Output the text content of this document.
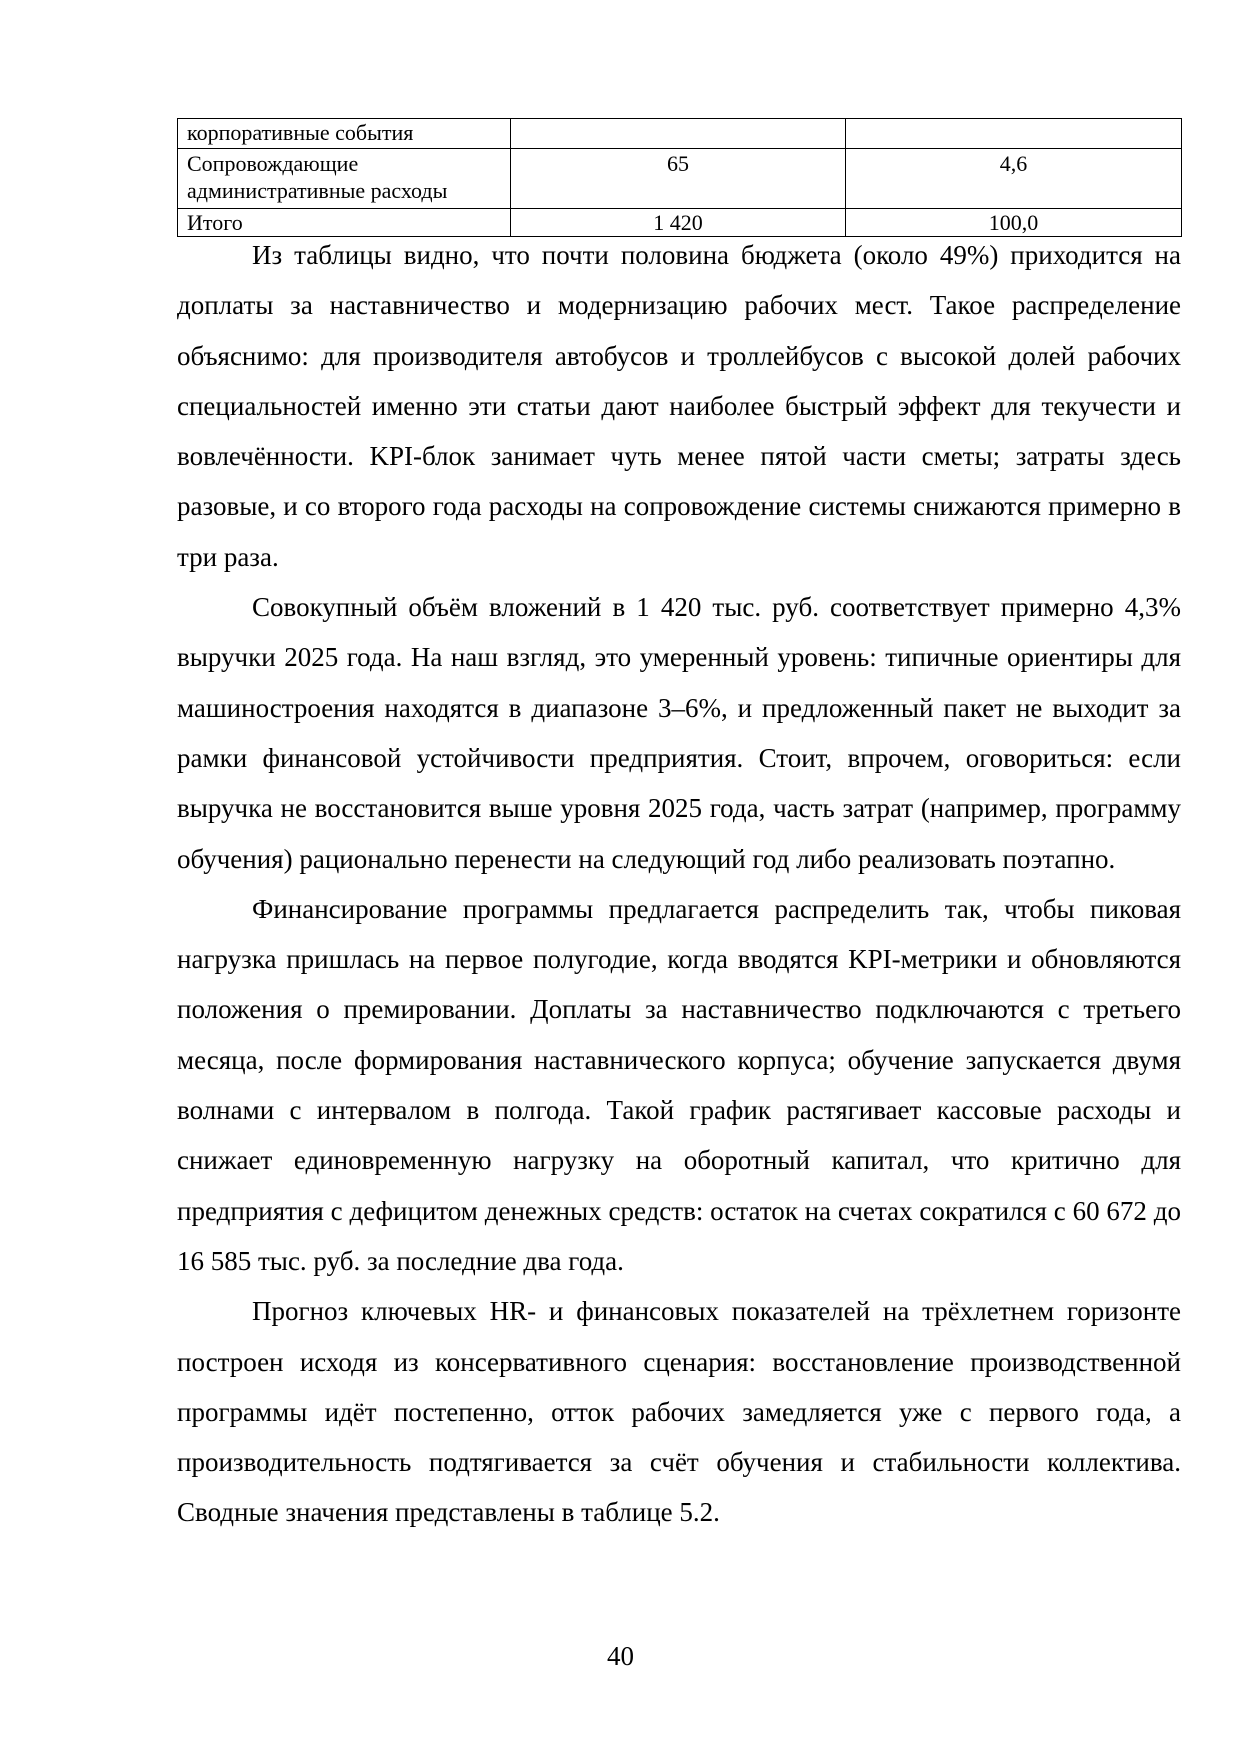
корпоративные события		
Сопровождающие административные расходы	65	4,6
Итого	1 420	100,0

Из таблицы видно, что почти половина бюджета (около 49%) приходится на доплаты за наставничество и модернизацию рабочих мест. Такое распределение объяснимо: для производителя автобусов и троллейбусов с высокой долей рабочих специальностей именно эти статьи дают наиболее быстрый эффект для текучести и вовлечённости. KPI-блок занимает чуть менее пятой части сметы; затраты здесь разовые, и со второго года расходы на сопровождение системы снижаются примерно в три раза.

Совокупный объём вложений в 1 420 тыс. руб. соответствует примерно 4,3% выручки 2025 года. На наш взгляд, это умеренный уровень: типичные ориентиры для машиностроения находятся в диапазоне 3–6%, и предложенный пакет не выходит за рамки финансовой устойчивости предприятия. Стоит, впрочем, оговориться: если выручка не восстановится выше уровня 2025 года, часть затрат (например, программу обучения) рационально перенести на следующий год либо реализовать поэтапно.

Финансирование программы предлагается распределить так, чтобы пиковая нагрузка пришлась на первое полугодие, когда вводятся KPI-метрики и обновляются положения о премировании. Доплаты за наставничество подключаются с третьего месяца, после формирования наставнического корпуса; обучение запускается двумя волнами с интервалом в полгода. Такой график растягивает кассовые расходы и снижает единовременную нагрузку на оборотный капитал, что критично для предприятия с дефицитом денежных средств: остаток на счетах сократился с 60 672 до 16 585 тыс. руб. за последние два года.

Прогноз ключевых HR- и финансовых показателей на трёхлетнем горизонте построен исходя из консервативного сценария: восстановление производственной программы идёт постепенно, отток рабочих замедляется уже с первого года, а производительность подтягивается за счёт обучения и стабильности коллектива. Сводные значения представлены в таблице 5.2.

40
